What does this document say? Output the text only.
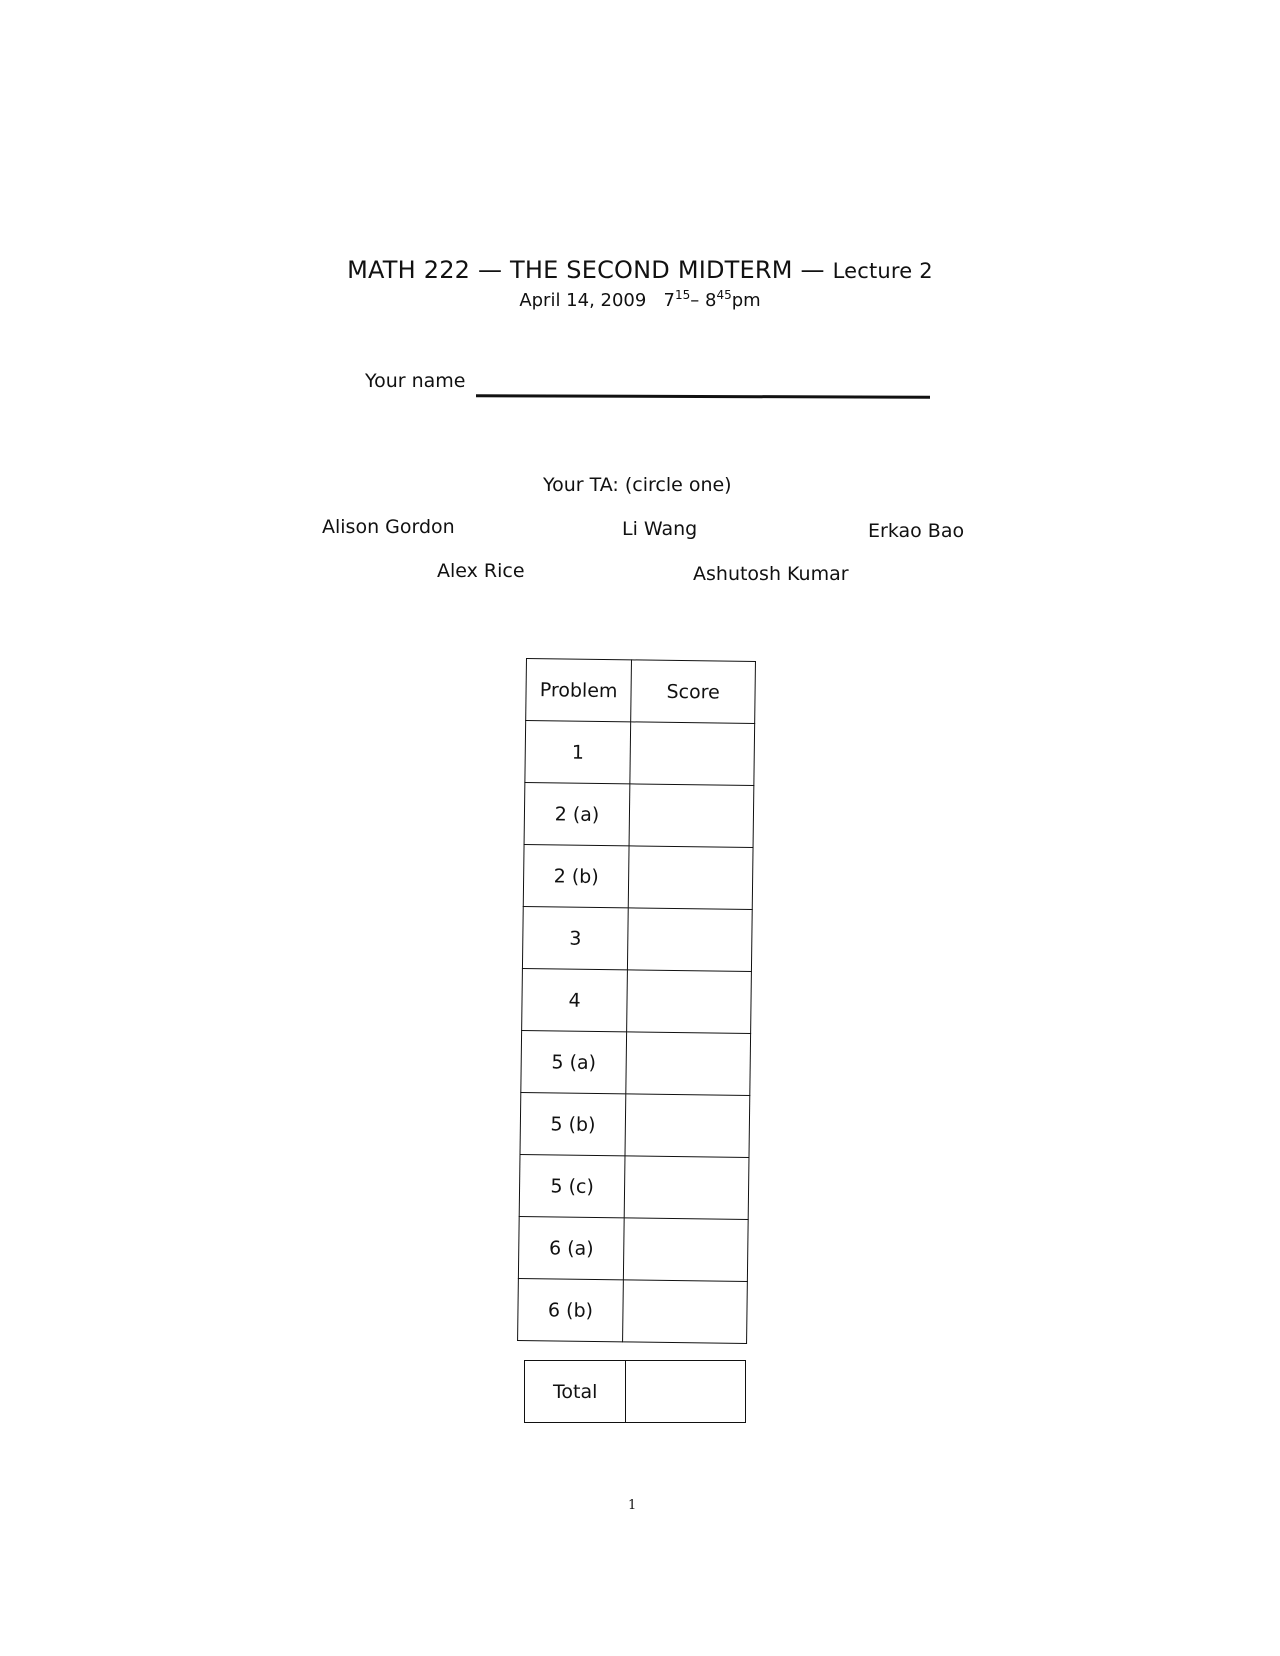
MATH 222 — THE SECOND MIDTERM — Lecture 2
April 14, 2009 $7^{15}-$ $8^{45}pm$
Your name
Your TA: (circle one)
Alison Gordon	Li Wang	Erkao Bao
Alex Rice	Ashutosh Kumar
Problem	Score
1	
2 (a)	
2 (b)	
3	
4	
5 (a)	
5 (b)	
5 (c)	
6 (a)	
6 (b)	
Total	
1
